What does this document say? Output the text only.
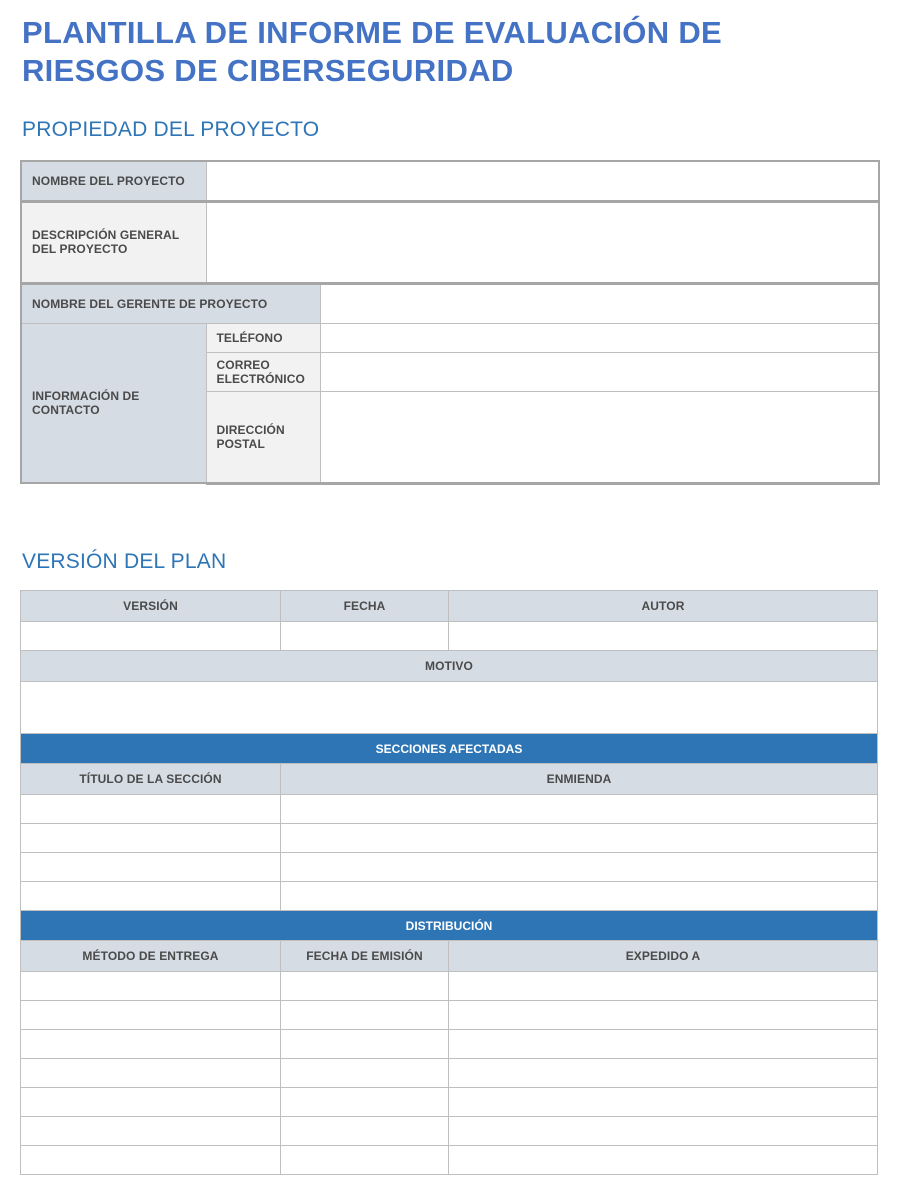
PLANTILLA DE INFORME DE EVALUACIÓN DE
RIESGOS DE CIBERSEGURIDAD
PROPIEDAD DEL PROYECTO
NOMBRE DEL PROYECTO		

DESCRIPCIÓN GENERAL
DEL PROYECTO		

NOMBRE DEL GERENTE DE PROYECTO		

INFORMACIÓN DE
CONTACTO	TELÉFONO	

	CORREO
ELECTRÓNICO	

	DIRECCIÓN
POSTAL	

VERSIÓN DEL PLAN
VERSIÓN	FECHA	AUTOR

MOTIVO		

SECCIONES AFECTADAS		
TÍTULO DE LA SECCIÓN	ENMIENDA	

DISTRIBUCIÓN		
MÉTODO DE ENTREGA	FECHA DE EMISIÓN	EXPEDIDO A
